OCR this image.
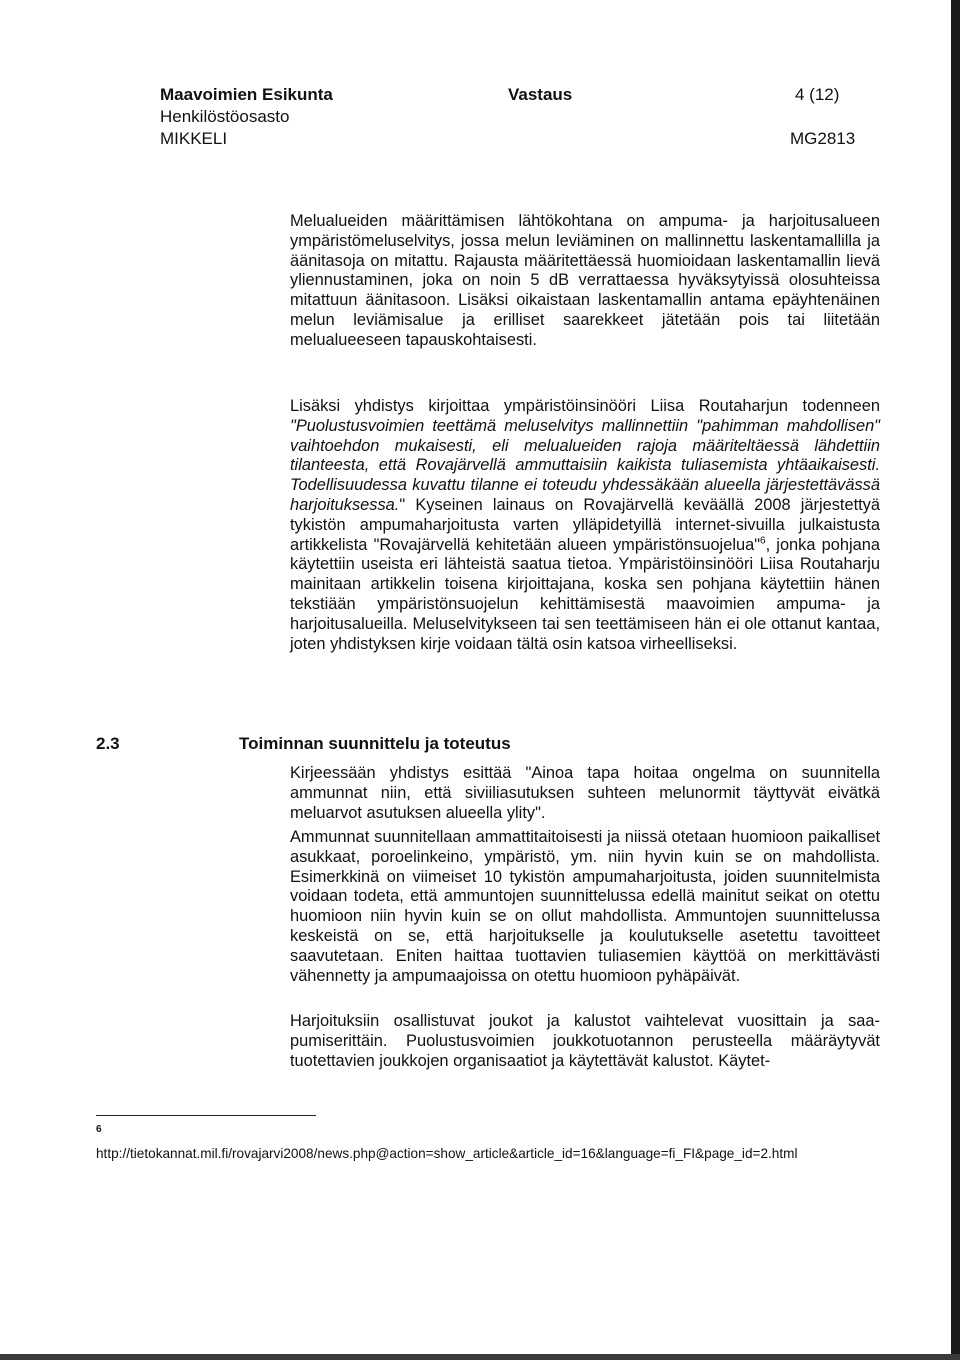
Maavoimien Esikunta
Henkilöstöosasto
MIKKELI
Vastaus	4 (12)
MG2813

Melualueiden määrittämisen lähtökohtana on ampuma- ja harjoitusalueen ympäristömeluselvitys, jossa melun leviäminen on mallinnettu laskentamallilla ja äänitasoja on mitattu. Rajausta määritettäessä huomioidaan laskentamallin lievä yliennustaminen, joka on noin 5 dB verrattaessa hyväksytyissä olosuhteissa mitattuun äänitasoon. Lisäksi oikaistaan laskentamallin antama epäyhtenäinen melun leviämisalue ja erilliset saarekkeet jätetään pois tai liitetään melualueeseen tapauskohtaisesti.

Lisäksi yhdistys kirjoittaa ympäristöinsinööri Liisa Routaharjun todenneen "Puolustusvoimien teettämä meluselvitys mallinnettiin "pahimman mahdollisen" vaihtoehdon mukaisesti, eli melualueiden rajoja määriteltäessä lähdettiin tilanteesta, että Rovajärvellä ammuttaisiin kaikista tuliasemista yhtäaikaisesti. Todellisuudessa kuvattu tilanne ei toteudu yhdessäkään alueella järjestettävässä harjoituksessa." Kyseinen lainaus on Rovajärvellä keväällä 2008 järjestettyä tykistön ampumaharjoitusta varten ylläpidetyillä internet-sivuilla julkaistusta artikkelista "Rovajärvellä kehitetään alueen ympäristönsuojelua"$^6$, jonka pohjana käytettiin useista eri lähteistä saatua tietoa. Ympäristöinsinööri Liisa Routaharju mainitaan artikkelin toisena kirjoittajana, koska sen pohjana käytettiin hänen tekstiään ympäristönsuojelun kehittämisestä maavoimien ampuma- ja harjoitusalueilla. Meluselvitykseen tai sen teettämiseen hän ei ole ottanut kantaa, joten yhdistyksen kirje voidaan tältä osin katsoa virheelliseksi.

2.3	Toiminnan suunnittelu ja toteutus

Kirjeessään yhdistys esittää "Ainoa tapa hoitaa ongelma on suunnitella ammunnat niin, että siviiliasutuksen suhteen melunormit täyttyvät eivätkä meluarvot asutuksen alueella ylity".

Ammunnat suunnitellaan ammattitaitoisesti ja niissä otetaan huomioon paikalliset asukkaat, poroelinkeino, ympäristö, ym. niin hyvin kuin se on mahdollista. Esimerkkinä on viimeiset 10 tykistön ampumaharjoitusta, joiden suunnitelmista voidaan todeta, että ammuntojen suunnittelussa edellä mainitut seikat on otettu huomioon niin hyvin kuin se on ollut mahdollista. Ammuntojen suunnittelussa keskeistä on se, että harjoitukselle ja koulutukselle asetettu tavoitteet saavutetaan. Eniten haittaa tuottavien tuliasemien käyttöä on merkittävästi vähennetty ja ampumaajoissa on otettu huomioon pyhäpäivät.

Harjoituksiin osallistuvat joukot ja kalustot vaihtelevat vuosittain ja saapumiserittäin. Puolustusvoimien joukkotuotannon perusteella määräytyvät tuotettavien joukkojen organisaatiot ja käytettävät kalustot. Käytet-

6
http://tietokannat.mil.fi/rovajarvi2008/news.php@action=show_article&article_id=16&language=fi_FI&page_id=2.html
